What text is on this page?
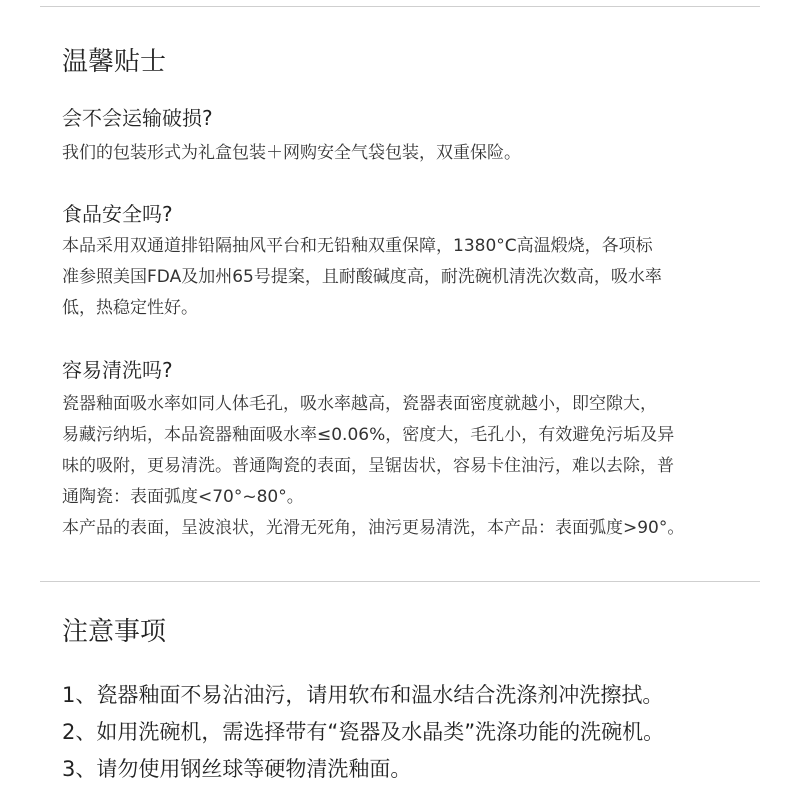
温馨贴士
会不会运输破损?

我们的包装形式为礼盒包装＋网购安全气袋包装，双重保险。

食品安全吗?

本品采用双通道排铅隔抽风平台和无铅釉双重保障，1380°C高温煅烧，各项标
准参照美国FDA及加州65号提案，且耐酸碱度高，耐洗碗机清洗次数高，吸水率
低，热稳定性好。

容易清洗吗?

瓷器釉面吸水率如同人体毛孔，吸水率越高，瓷器表面密度就越小，即空隙大，
易藏污纳垢，本品瓷器釉面吸水率≤0.06%，密度大，毛孔小，有效避免污垢及异
味的吸附，更易清洗。普通陶瓷的表面，呈锯齿状，容易卡住油污，难以去除，普
通陶瓷：表面弧度<70°~80°。
本产品的表面，呈波浪状，光滑无死角，油污更易清洗，本产品：表面弧度>90°。

注意事项
1、瓷器釉面不易沾油污，请用软布和温水结合洗涤剂冲洗擦拭。
2、如用洗碗机，需选择带有“瓷器及水晶类”洗涤功能的洗碗机。
3、请勿使用钢丝球等硬物清洗釉面。
